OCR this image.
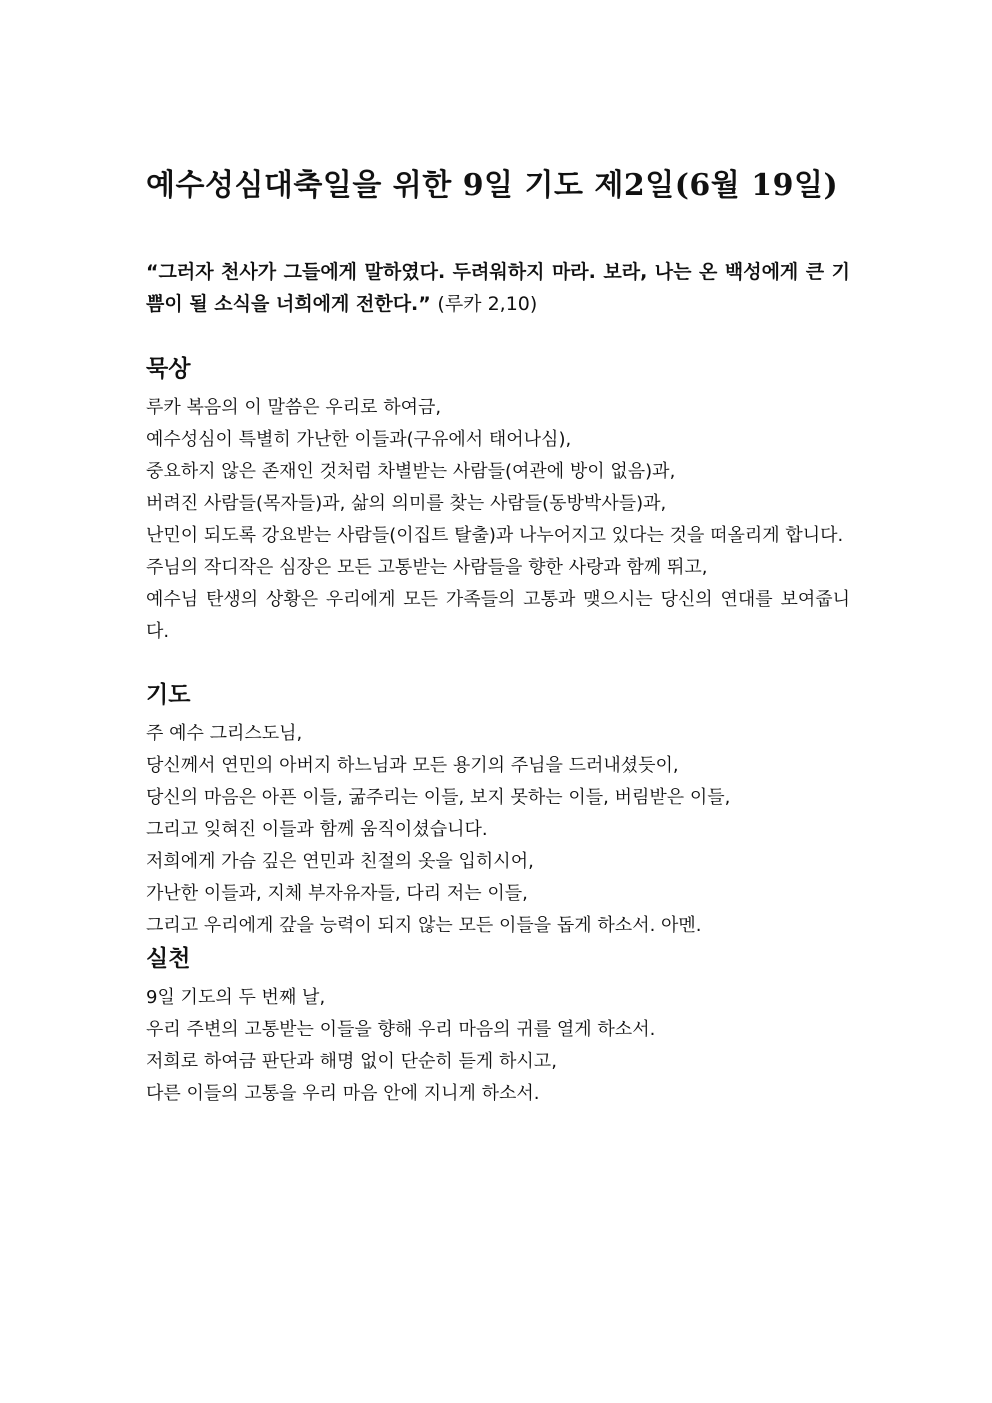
예수성심대축일을 위한 9일 기도 제2일(6월 19일)
“그러자 천사가 그들에게 말하였다. 두려워하지 마라. 보라, 나는 온 백성에게 큰 기쁨이 될 소식을 너희에게 전한다.” (루카 2,10)
묵상
루카 복음의 이 말씀은 우리로 하여금,
예수성심이 특별히 가난한 이들과(구유에서 태어나심),
중요하지 않은 존재인 것처럼 차별받는 사람들(여관에 방이 없음)과,
버려진 사람들(목자들)과, 삶의 의미를 찾는 사람들(동방박사들)과,
난민이 되도록 강요받는 사람들(이집트 탈출)과 나누어지고 있다는 것을 떠올리게 합니다.
주님의 작디작은 심장은 모든 고통받는 사람들을 향한 사랑과 함께 뛰고,
예수님 탄생의 상황은 우리에게 모든 가족들의 고통과 맺으시는 당신의 연대를 보여줍니다.
기도
주 예수 그리스도님,
당신께서 연민의 아버지 하느님과 모든 용기의 주님을 드러내셨듯이,
당신의 마음은 아픈 이들, 굶주리는 이들, 보지 못하는 이들, 버림받은 이들,
그리고 잊혀진 이들과 함께 움직이셨습니다.
저희에게 가슴 깊은 연민과 친절의 옷을 입히시어,
가난한 이들과, 지체 부자유자들, 다리 저는 이들,
그리고 우리에게 갚을 능력이 되지 않는 모든 이들을 돕게 하소서. 아멘.
실천
9일 기도의 두 번째 날,
우리 주변의 고통받는 이들을 향해 우리 마음의 귀를 열게 하소서.
저희로 하여금 판단과 해명 없이 단순히 듣게 하시고,
다른 이들의 고통을 우리 마음 안에 지니게 하소서.
